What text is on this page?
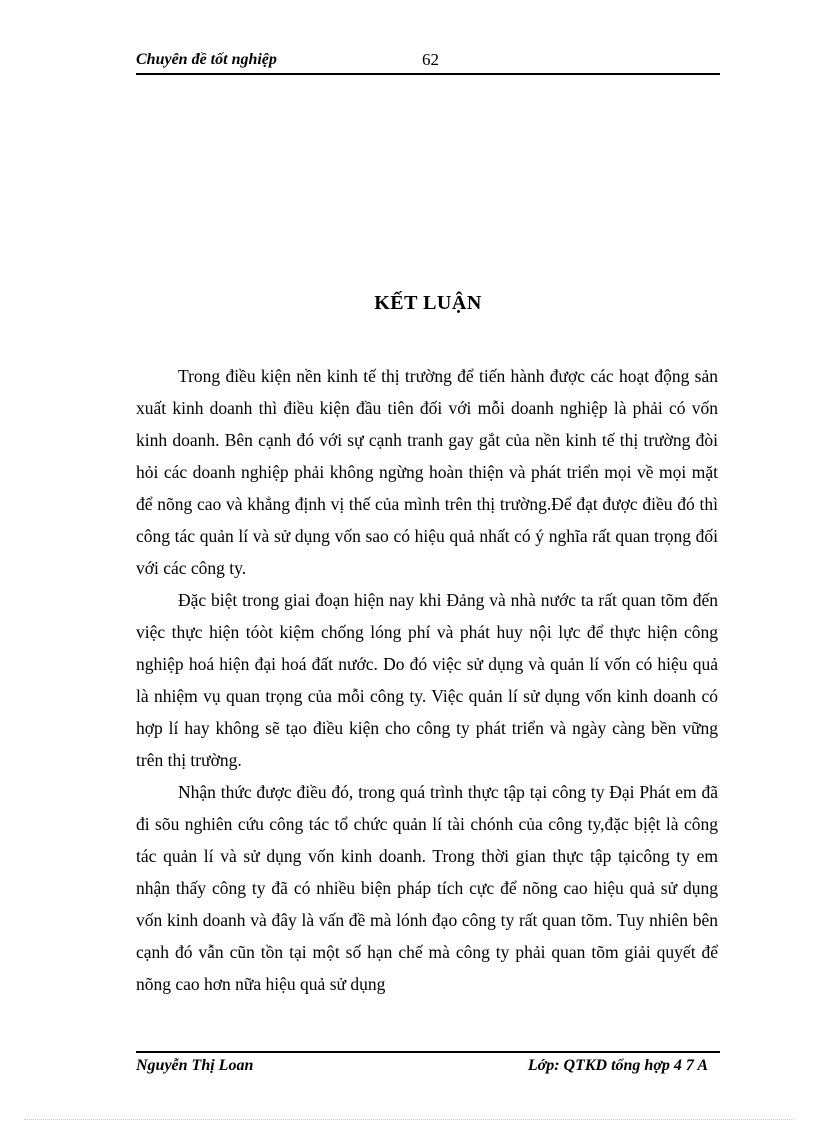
Chuyên đề tốt nghiệp	62
KẾT LUẬN

Trong điều kiện nền kinh tế thị trường để tiến hành được các hoạt động sản xuất kinh doanh thì điều kiện đầu tiên đối với mỗi doanh nghiệp là phải có vốn kinh doanh. Bên cạnh đó với sự cạnh tranh gay gắt của nền kinh tế thị trường đòi hỏi các doanh nghiệp phải không ngừng hoàn thiện và phát triển mọi về mọi mặt để nõng cao và khẳng định vị thế của mình trên thị trường.Để đạt được điều đó thì công tác quản lí và sử dụng vốn sao có hiệu quả nhất có ý nghĩa rất quan trọng đối với các công ty.

Đặc biệt trong giai đoạn hiện nay khi Đảng và nhà nước ta rất quan tõm đến việc thực hiện tóòt kiệm chống lóng phí và phát huy nội lực để thực hiện công nghiệp hoá hiện đại hoá đất nước. Do đó việc sử dụng và quản lí vốn có hiệu quả là nhiệm vụ quan trọng của mỗi công ty. Việc quản lí sử dụng vốn kinh doanh có hợp lí hay không sẽ tạo điều kiện cho công ty phát triển và ngày càng bền vững trên thị trường.

Nhận thức được điều đó, trong quá trình thực tập tại công ty Đại Phát em đã đi sõu nghiên cứu công tác tổ chức quản lí tài chónh của công ty,đặc bịệt là công tác quản lí và sử dụng vốn kinh doanh. Trong thời gian thực tập tạicông ty em nhận thấy công ty đã có nhiều biện pháp tích cực để nõng cao hiệu quả sử dụng vốn kinh doanh và đây là vấn đề mà lónh đạo công ty rất quan tõm. Tuy nhiên bên cạnh đó vẫn cũn tồn tại một số hạn chế mà công ty phải quan tõm giải quyết để nõng cao hơn nữa hiệu quả sử dụng

Nguyễn Thị Loan	Lớp: QTKD tổng hợp 4 7 A
